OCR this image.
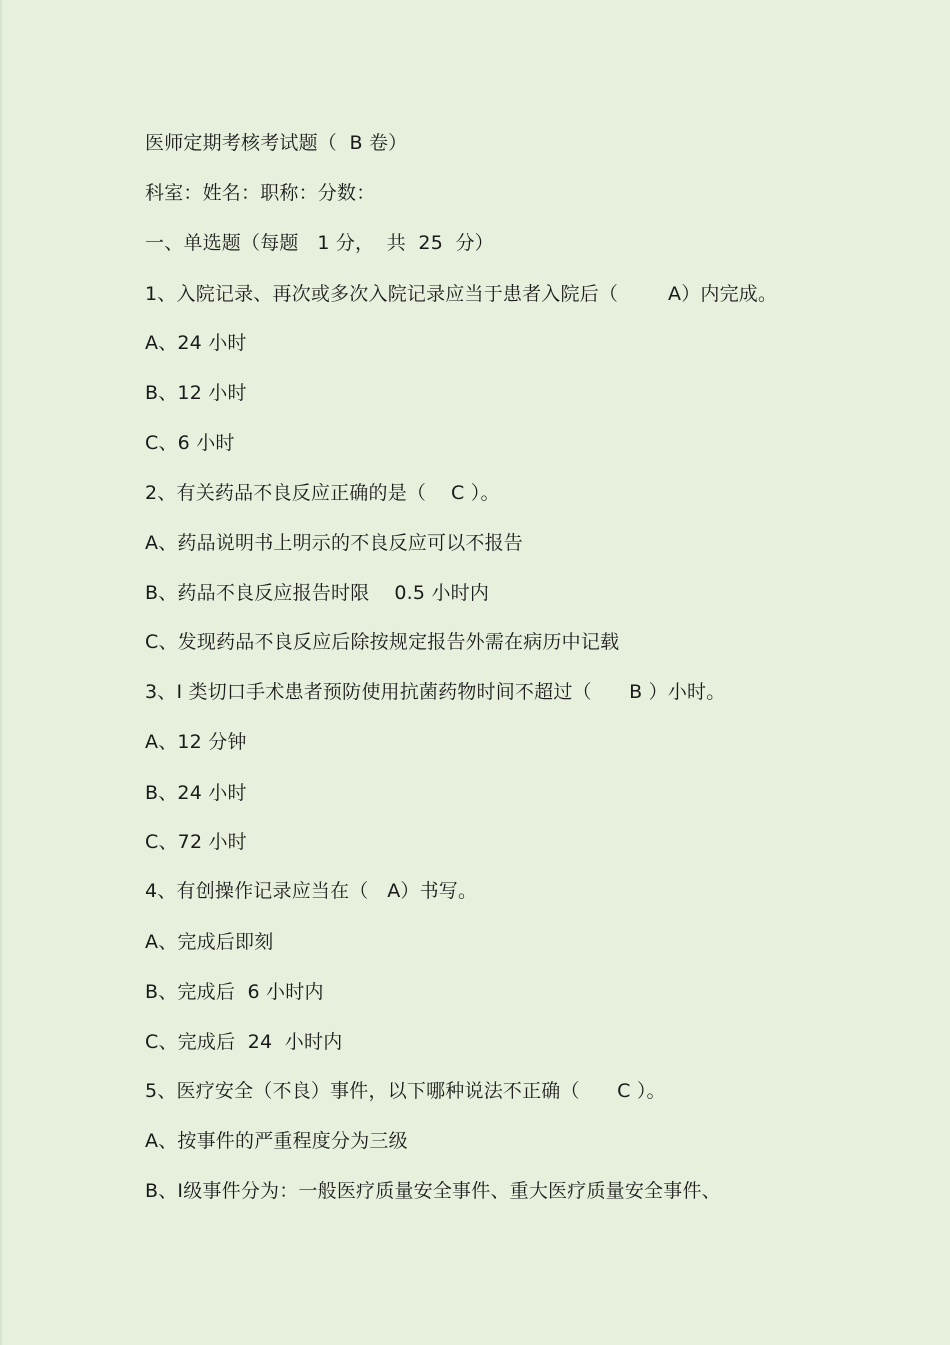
医师定期考核考试题（  B 卷）
科室：姓名：职称：分数：
一、单选题（每题   1 分，  共  25  分）
1、入院记录、再次或多次入院记录应当于患者入院后（        A）内完成。
A、24 小时
B、12 小时
C、6 小时
2、有关药品不良反应正确的是（    C ）。
A、药品说明书上明示的不良反应可以不报告
B、药品不良反应报告时限    0.5 小时内
C、发现药品不良反应后除按规定报告外需在病历中记载
3、I 类切口手术患者预防使用抗菌药物时间不超过（      B ）小时。
A、12 分钟
B、24 小时
C、72 小时
4、有创操作记录应当在（   A）书写。
A、完成后即刻
B、完成后  6 小时内
C、完成后  24  小时内
5、医疗安全（不良）事件，以下哪种说法不正确（      C ）。
A、按事件的严重程度分为三级
B、Ⅰ级事件分为：一般医疗质量安全事件、重大医疗质量安全事件、
